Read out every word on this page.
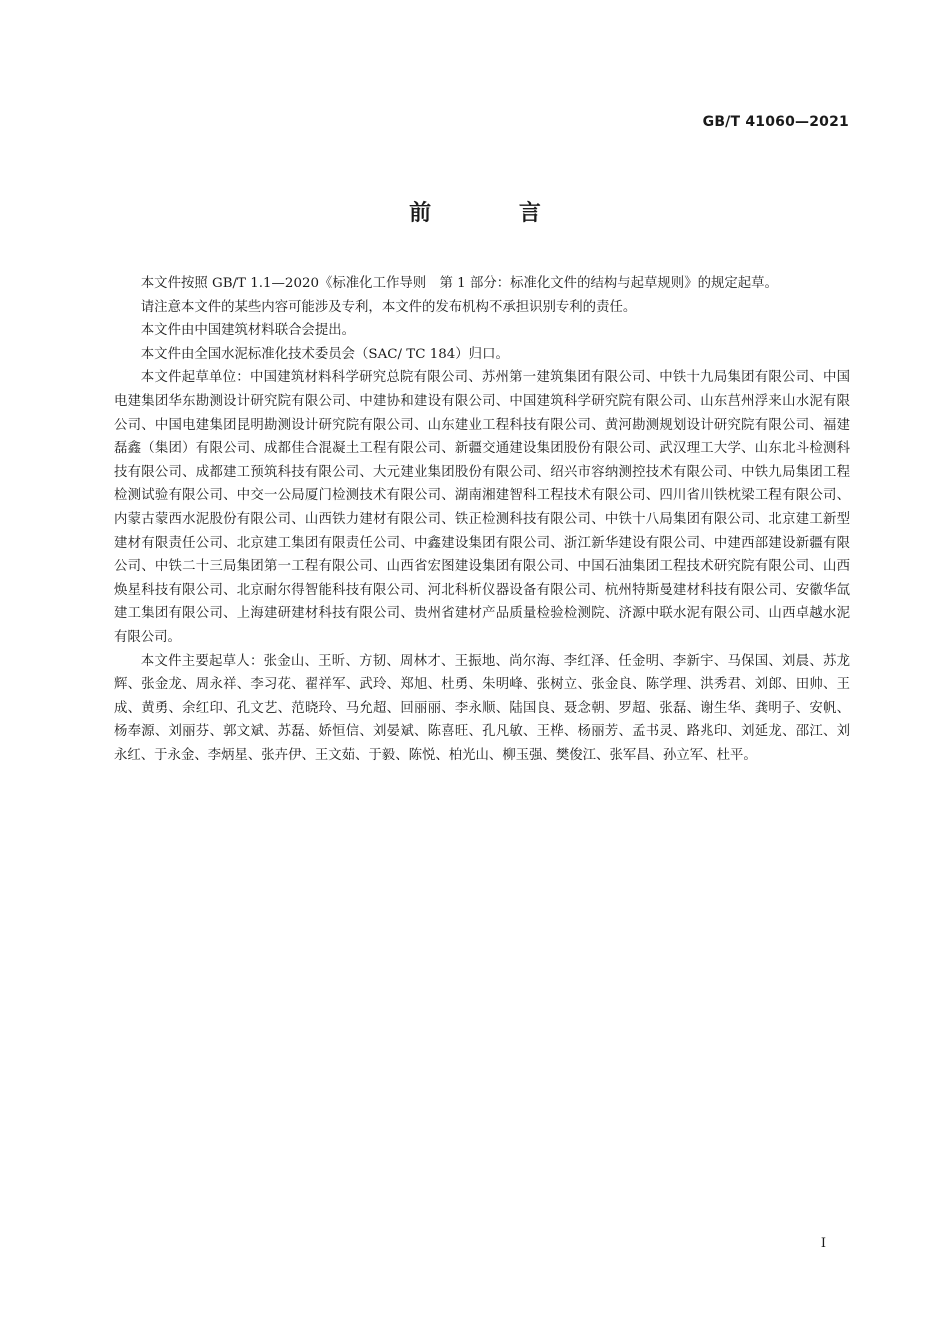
GB/T 41060—2021
前 言

本文件按照 GB/T 1.1—2020《标准化工作导则　第 1 部分：标准化文件的结构与起草规则》的规定起草。

请注意本文件的某些内容可能涉及专利，本文件的发布机构不承担识别专利的责任。

本文件由中国建筑材料联合会提出。

本文件由全国水泥标准化技术委员会（SAC/ TC 184）归口。

本文件起草单位：中国建筑材料科学研究总院有限公司、苏州第一建筑集团有限公司、中铁十九局集团有限公司、中国电建集团华东勘测设计研究院有限公司、中建协和建设有限公司、中国建筑科学研究院有限公司、山东莒州浮来山水泥有限公司、中国电建集团昆明勘测设计研究院有限公司、山东建业工程科技有限公司、黄河勘测规划设计研究院有限公司、福建磊鑫（集团）有限公司、成都佳合混凝土工程有限公司、新疆交通建设集团股份有限公司、武汉理工大学、山东北斗检测科技有限公司、成都建工预筑科技有限公司、大元建业集团股份有限公司、绍兴市容纳测控技术有限公司、中铁九局集团工程检测试验有限公司、中交一公局厦门检测技术有限公司、湖南湘建智科工程技术有限公司、四川省川铁枕梁工程有限公司、内蒙古蒙西水泥股份有限公司、山西铁力建材有限公司、铁正检测科技有限公司、中铁十八局集团有限公司、北京建工新型建材有限责任公司、北京建工集团有限责任公司、中鑫建设集团有限公司、浙江新华建设有限公司、中建西部建设新疆有限公司、中铁二十三局集团第一工程有限公司、山西省宏图建设集团有限公司、中国石油集团工程技术研究院有限公司、山西焕星科技有限公司、北京耐尔得智能科技有限公司、河北科析仪器设备有限公司、杭州特斯曼建材科技有限公司、安徽华氙建工集团有限公司、上海建研建材科技有限公司、贵州省建材产品质量检验检测院、济源中联水泥有限公司、山西卓越水泥有限公司。

本文件主要起草人：张金山、王昕、方韧、周林才、王振地、尚尔海、李红泽、任金明、李新宇、马保国、刘晨、苏龙辉、张金龙、周永祥、李习花、翟祥军、武玲、郑旭、杜勇、朱明峰、张树立、张金良、陈学理、洪秀君、刘郎、田帅、王成、黄勇、余红印、孔文艺、范晓玲、马允超、回丽丽、李永顺、陆国良、聂念朝、罗超、张磊、谢生华、龚明子、安帆、杨奉源、刘丽芬、郭文斌、苏磊、娇恒信、刘晏斌、陈喜旺、孔凡敏、王桦、杨丽芳、孟书灵、路兆印、刘延龙、邵江、刘永红、于永金、李炳星、张卉伊、王文茹、于毅、陈悦、柏光山、柳玉强、樊俊江、张军昌、孙立军、杜平。

I
